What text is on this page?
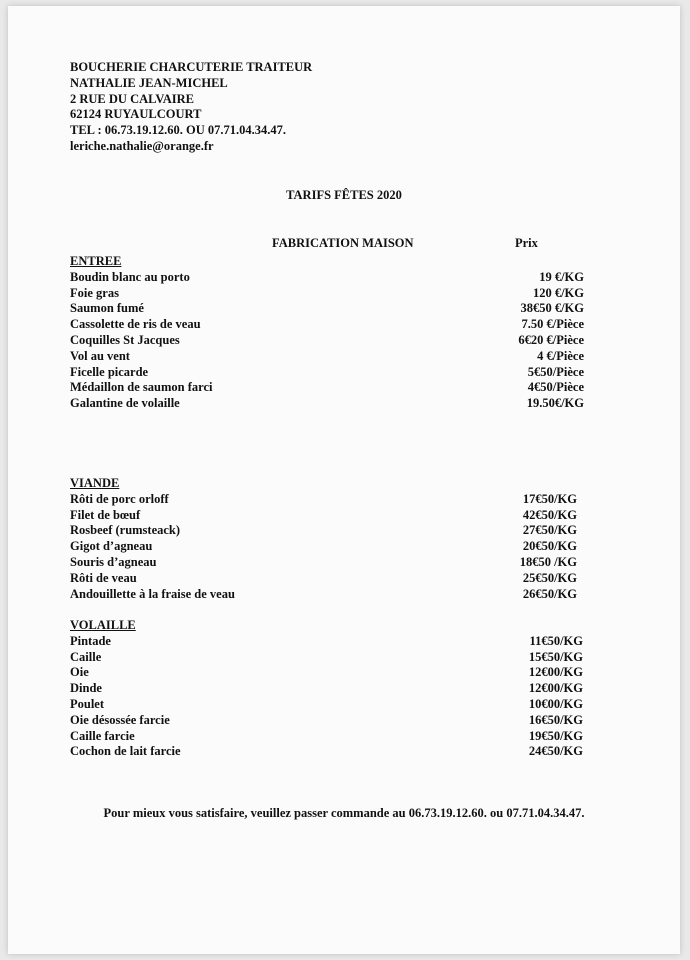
BOUCHERIE CHARCUTERIE TRAITEUR
NATHALIE JEAN-MICHEL
2 RUE DU CALVAIRE
62124 RUYAULCOURT
TEL : 06.73.19.12.60. OU 07.71.04.34.47.
leriche.nathalie@orange.fr
TARIFS FÊTES 2020
FABRICATION MAISON	Prix
ENTREE
Boudin blanc au porto	19 €/KG
Foie gras	120 €/KG
Saumon fumé	38€50 €/KG
Cassolette de ris de veau	7.50 €/Pièce
Coquilles St Jacques	6€20 €/Pièce
Vol au vent	4 €/Pièce
Ficelle picarde	5€50/Pièce
Médaillon de saumon farci	4€50/Pièce
Galantine de volaille	19.50€/KG
VIANDE
Rôti de porc orloff	17€50/KG
Filet de bœuf	42€50/KG
Rosbeef (rumsteack)	27€50/KG
Gigot d’agneau	20€50/KG
Souris d’agneau	18€50 /KG
Rôti de veau	25€50/KG
Andouillette à la fraise de veau	26€50/KG
VOLAILLE
Pintade	11€50/KG
Caille	15€50/KG
Oie	12€00/KG
Dinde	12€00/KG
Poulet	10€00/KG
Oie désossée farcie	16€50/KG
Caille farcie	19€50/KG
Cochon de lait farcie	24€50/KG
Pour mieux vous satisfaire, veuillez passer commande au 06.73.19.12.60. ou 07.71.04.34.47.
